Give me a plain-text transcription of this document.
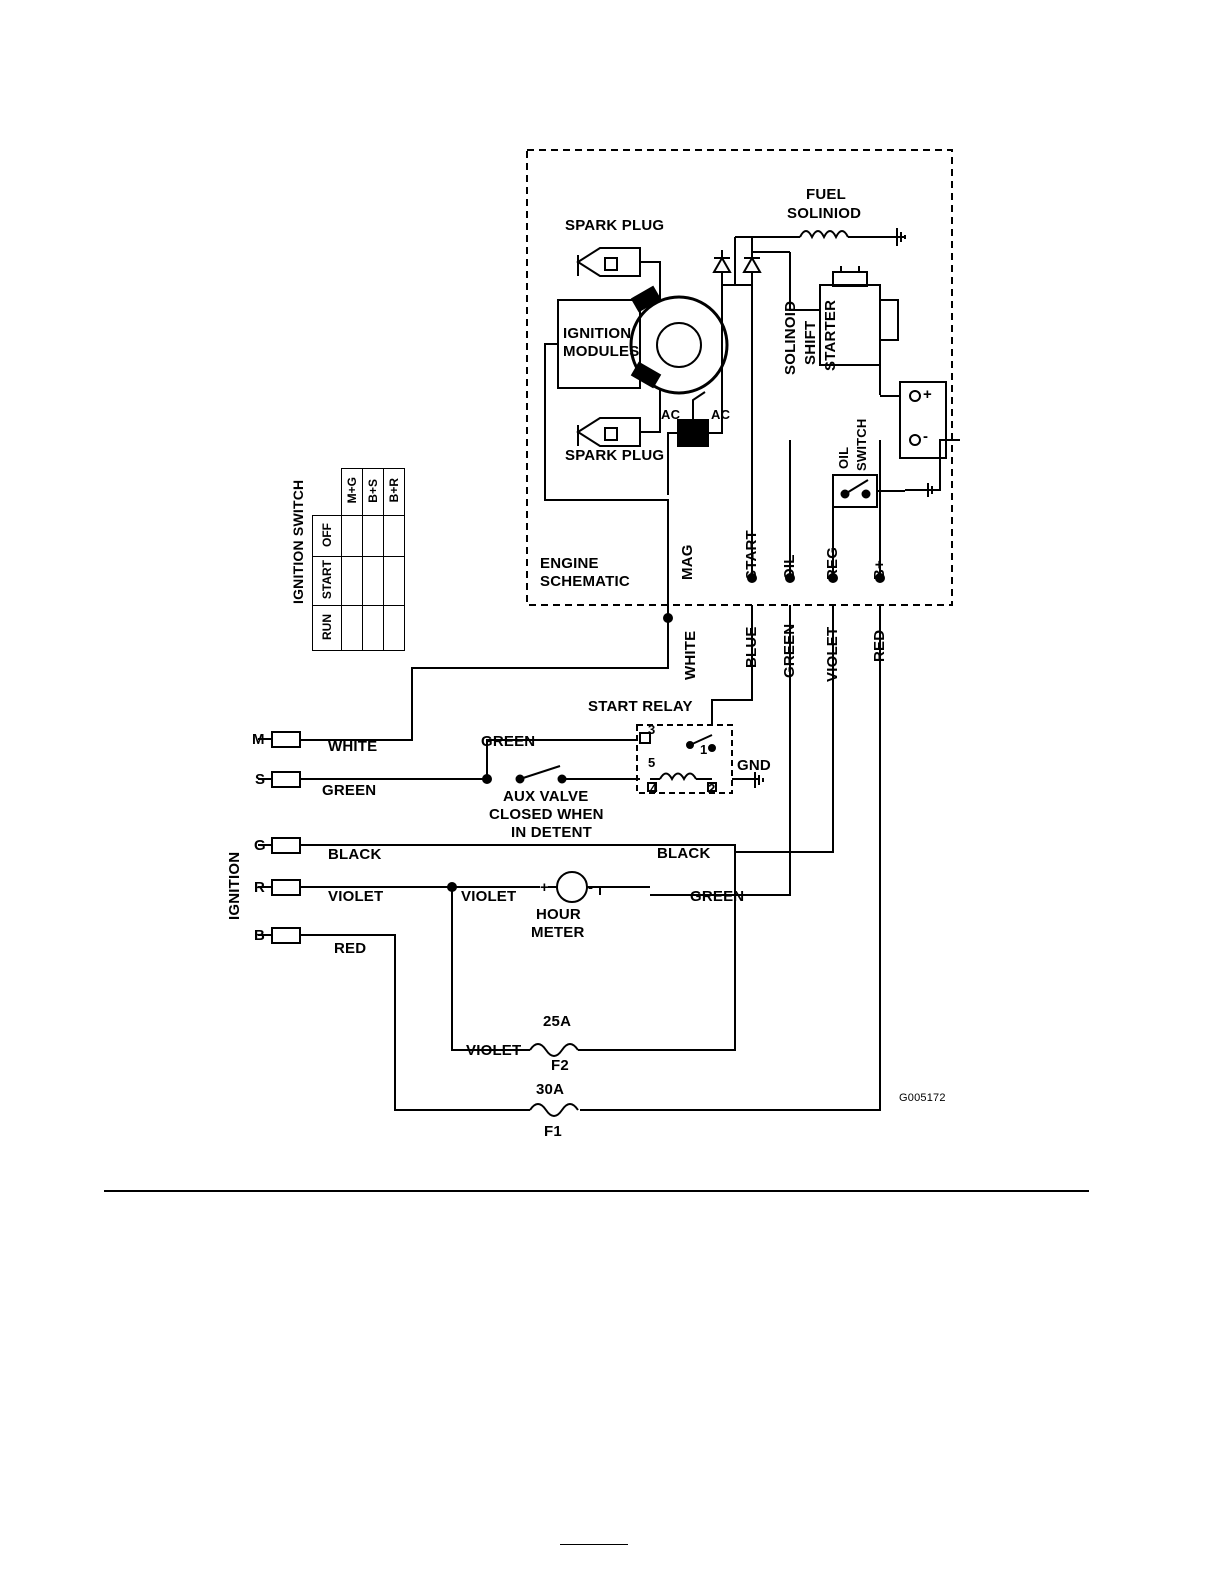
SPARK PLUG
SPARK PLUG
IGNITION
MODULES
FUEL
SOLINIOD
SOLINOID SHIFT STARTER
OIL SWITCH
AC AC
+
-
ENGINE
SCHEMATIC
MAG	START OIL REG B+
WHITE	BLUE GREEN VIOLET RED
IGNITION SWITCH
		M+G	B+S	B+R
OFF			
START			
RUN			
IGNITION
M
S
G
R
B
WHITE
GREEN
BLACK
VIOLET
RED
GREEN
AUX VALVE
CLOSED WHEN
IN DETENT
START RELAY
3
1
5
4	2
GND
BLACK
VIOLET
+	-
HOUR
METER
GREEN
VIOLET
25A
F2
30A
F1
G005172
